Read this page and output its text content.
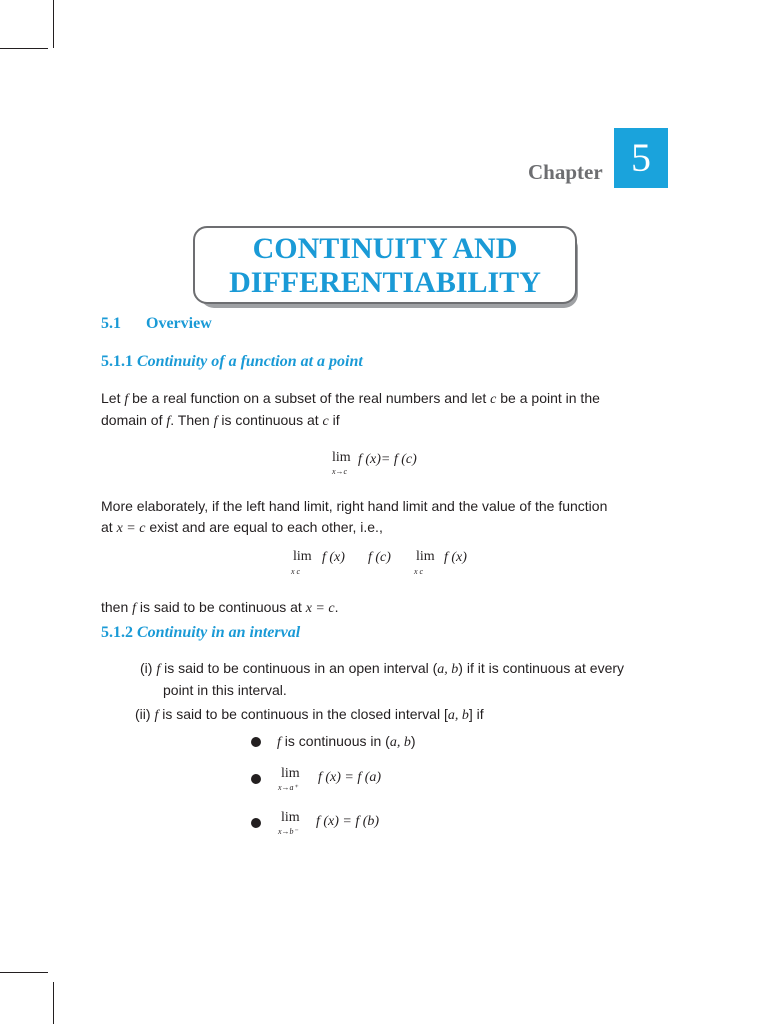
Chapter 5
CONTINUITY AND
DIFFERENTIABILITY
5.1 Overview
5.1.1 Continuity of a function at a point
Let f be a real function on a subset of the real numbers and let c be a point in the
domain of f. Then f is continuous at c if
lim
x→c
f (x)= f (c)
More elaborately, if the left hand limit, right hand limit and the value of the function
at x = c exist and are equal to each other, i.e.,
lim
x c
f (x) f (c) lim
x c
f (x)
then f is said to be continuous at x = c.
5.1.2 Continuity in an interval
(i) f is said to be continuous in an open interval (a, b) if it is continuous at every
point in this interval.
(ii) f is said to be continuous in the closed interval [a, b] if
f is continuous in (a, b)
lim
x→a⁺
f (x) = f (a)
lim
x→b⁻
f (x) = f (b)
